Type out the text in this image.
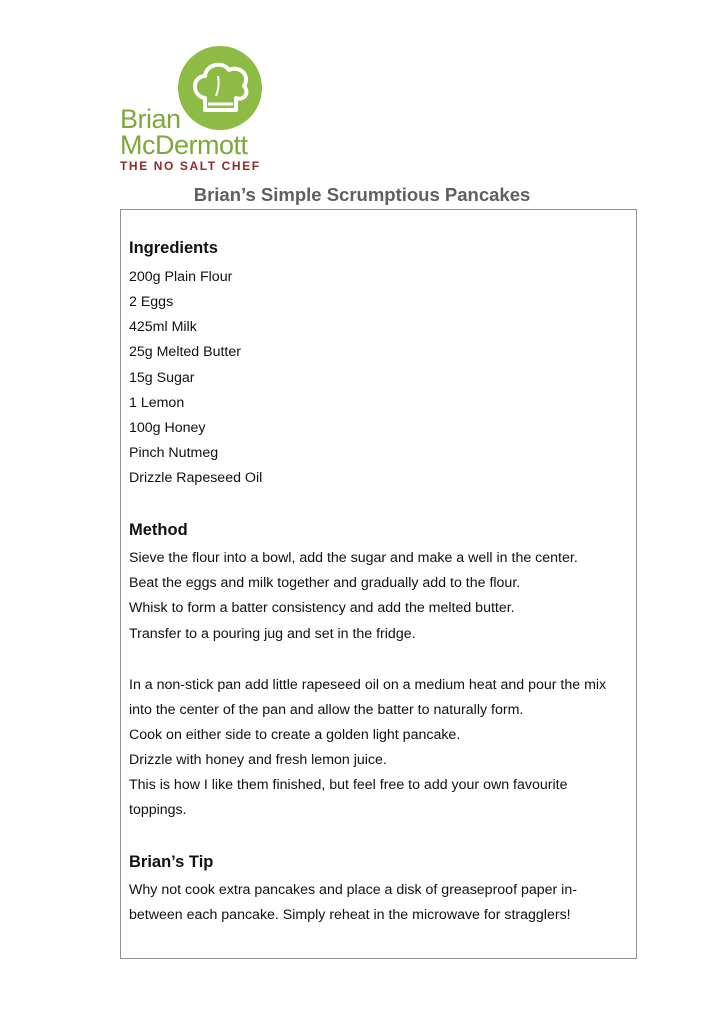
Brian
McDermott
THE NO SALT CHEF
Brian’s Simple Scrumptious Pancakes
Ingredients

200g Plain Flour

2 Eggs

425ml Milk

25g Melted Butter

15g Sugar

1 Lemon

100g Honey

Pinch Nutmeg

Drizzle Rapeseed Oil

Method

Sieve the flour into a bowl, add the sugar and make a well in the center.

Beat the eggs and milk together and gradually add to the flour.

Whisk to form a batter consistency and add the melted butter.

Transfer to a pouring jug and set in the fridge.

In a non-stick pan add little rapeseed oil on a medium heat and pour the mix

into the center of the pan and allow the batter to naturally form.

Cook on either side to create a golden light pancake.

Drizzle with honey and fresh lemon juice.

This is how I like them finished, but feel free to add your own favourite

toppings.

Brian’s Tip

Why not cook extra pancakes and place a disk of greaseproof paper in-

between each pancake. Simply reheat in the microwave for stragglers!
